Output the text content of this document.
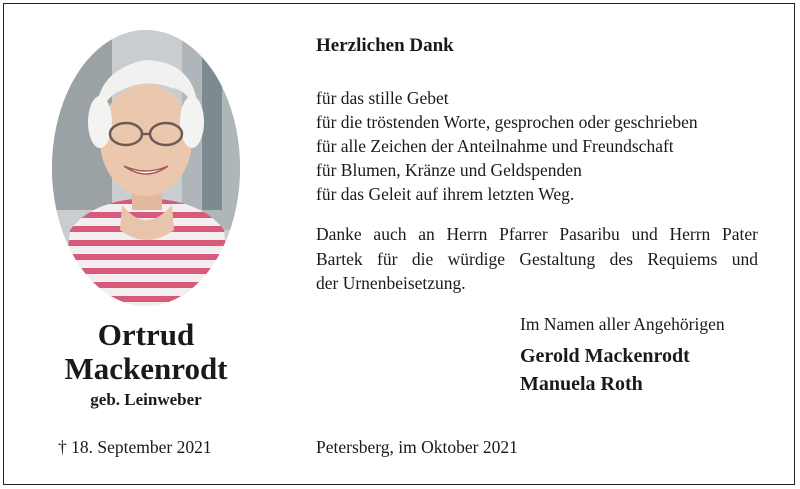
Ortrud
Mackenrodt
geb. Leinweber
† 18. September 2021
Herzlichen Dank
für das stille Gebet
für die tröstenden Worte, gesprochen oder geschrieben
für alle Zeichen der Anteilnahme und Freundschaft
für Blumen, Kränze und Geldspenden
für das Geleit auf ihrem letzten Weg.
Danke auch an Herrn Pfarrer Pasaribu und Herrn Pater
Bartek für die würdige Gestaltung des Requiems und
der Urnenbeisetzung.
Im Namen aller Angehörigen
Gerold Mackenrodt
Manuela Roth
Petersberg, im Oktober 2021
